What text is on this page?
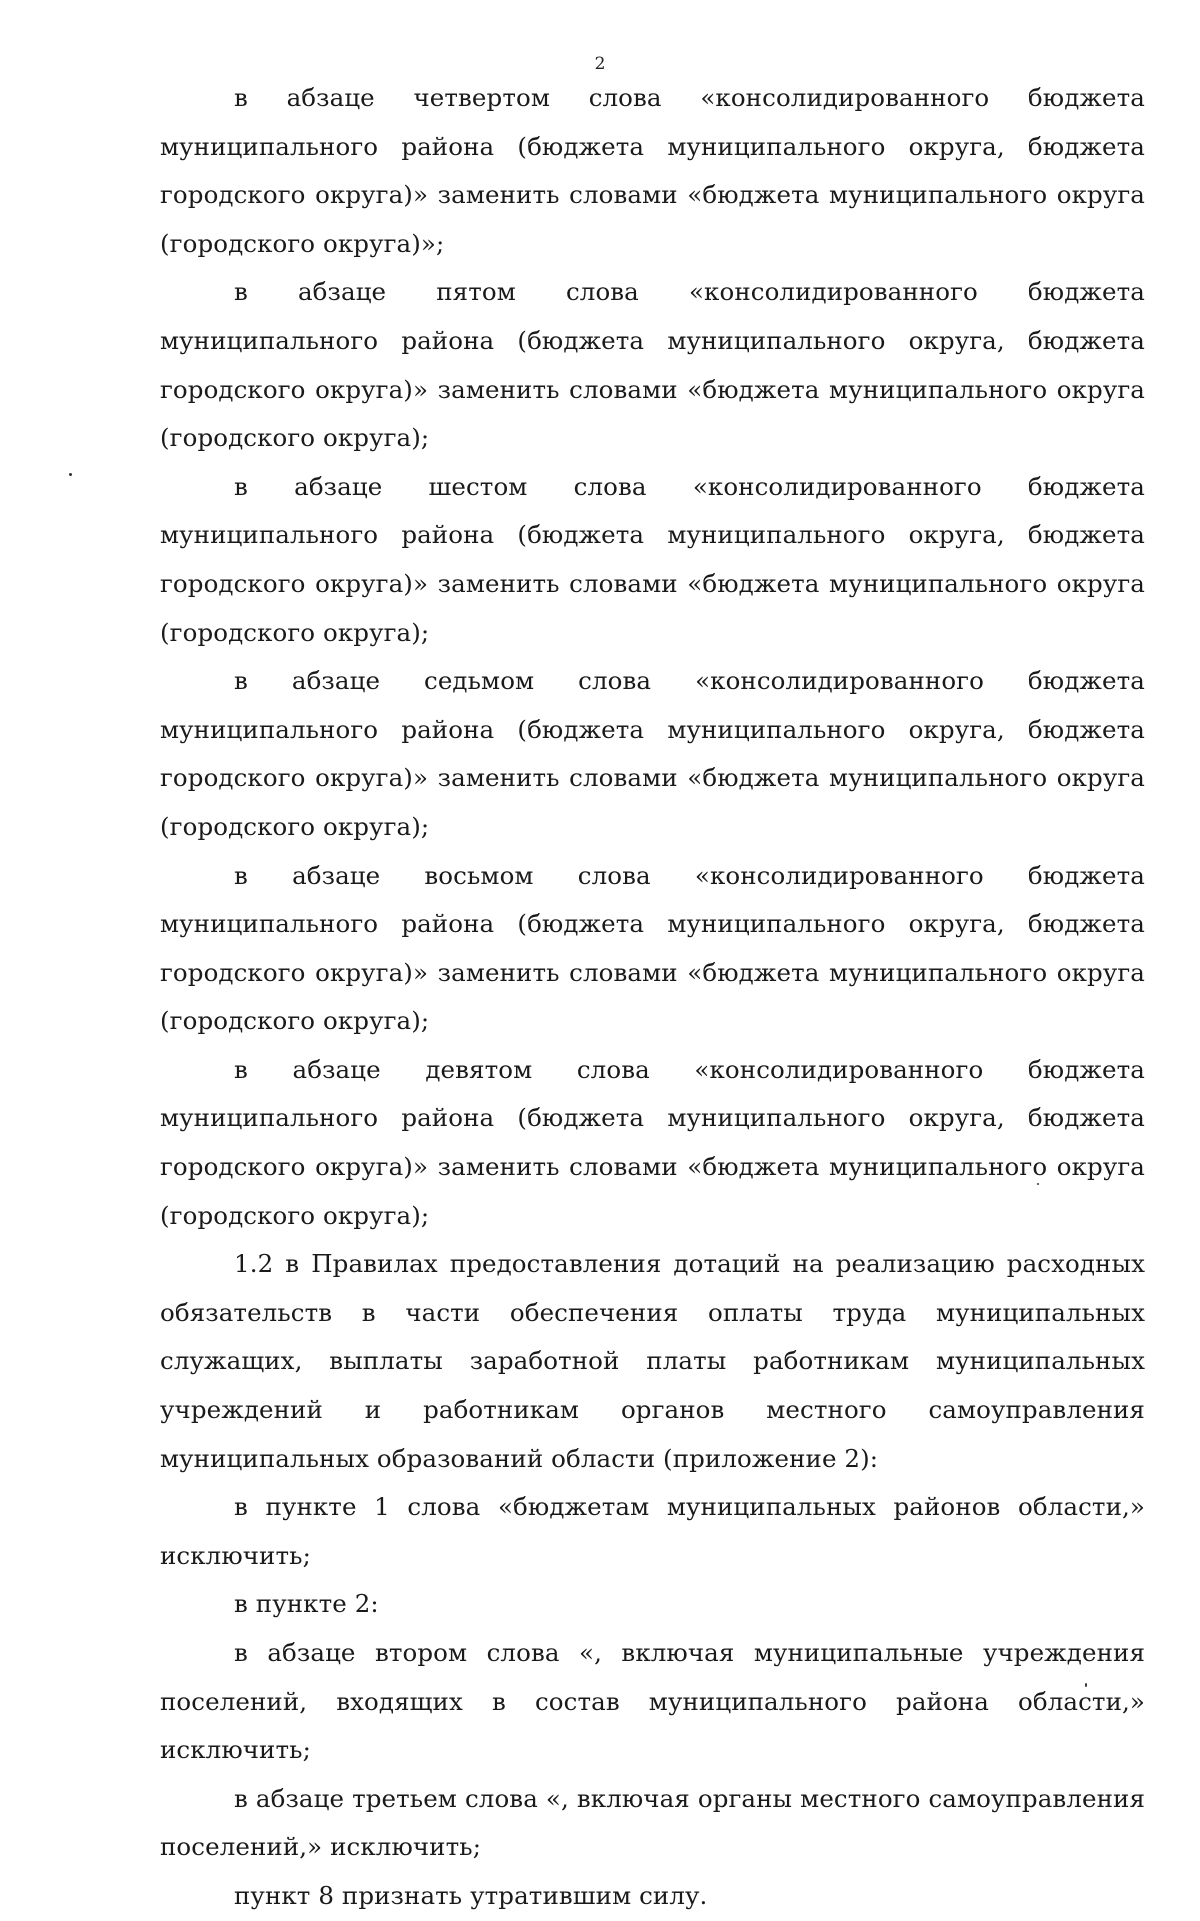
2

в абзаце четвертом слова «консолидированного бюджета муниципального района (бюджета муниципального округа, бюджета городского округа)» заменить словами «бюджета муниципального округа (городского округа)»;

в абзаце пятом слова «консолидированного бюджета муниципального района (бюджета муниципального округа, бюджета городского округа)» заменить словами «бюджета муниципального округа (городского округа);

в абзаце шестом слова «консолидированного бюджета муниципального района (бюджета муниципального округа, бюджета городского округа)» заменить словами «бюджета муниципального округа (городского округа);

в абзаце седьмом слова «консолидированного бюджета муниципального района (бюджета муниципального округа, бюджета городского округа)» заменить словами «бюджета муниципального округа (городского округа);

в абзаце восьмом слова «консолидированного бюджета муниципального района (бюджета муниципального округа, бюджета городского округа)» заменить словами «бюджета муниципального округа (городского округа);

в абзаце девятом слова «консолидированного бюджета муниципального района (бюджета муниципального округа, бюджета городского округа)» заменить словами «бюджета муниципального округа (городского округа);

1.2 в Правилах предоставления дотаций на реализацию расходных обязательств в части обеспечения оплаты труда муниципальных служащих, выплаты заработной платы работникам муниципальных учреждений и работникам органов местного самоуправления муниципальных образований области (приложение 2):

в пункте 1 слова «бюджетам муниципальных районов области,» исключить;

в пункте 2:

в абзаце втором слова «, включая муниципальные учреждения поселений, входящих в состав муниципального района области,» исключить;

в абзаце третьем слова «, включая органы местного самоуправления поселений,» исключить;

пункт 8 признать утратившим силу.
